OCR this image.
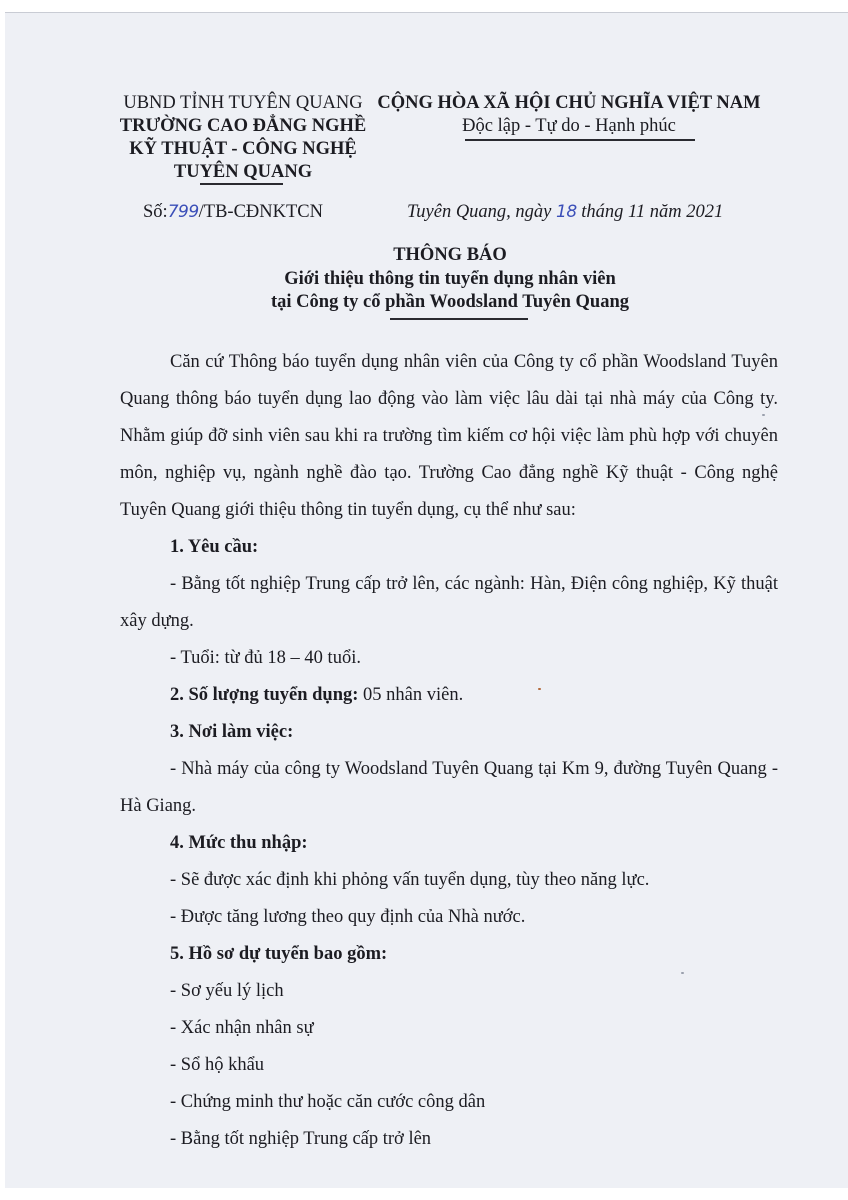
UBND TỈNH TUYÊN QUANG
TRƯỜNG CAO ĐẲNG NGHỀ
KỸ THUẬT - CÔNG NGHỆ
TUYÊN QUANG
CỘNG HÒA XÃ HỘI CHỦ NGHĨA VIỆT NAM
Độc lập - Tự do - Hạnh phúc
Số:799/TB-CĐNKTCN	Tuyên Quang, ngày 18 tháng 11 năm 2021
THÔNG BÁO
Giới thiệu thông tin tuyển dụng nhân viên
tại Công ty cổ phần Woodsland Tuyên Quang

Căn cứ Thông báo tuyển dụng nhân viên của Công ty cổ phần Woodsland Tuyên Quang thông báo tuyển dụng lao động vào làm việc lâu dài tại nhà máy của Công ty. Nhằm giúp đỡ sinh viên sau khi ra trường tìm kiếm cơ hội việc làm phù hợp với chuyên môn, nghiệp vụ, ngành nghề đào tạo. Trường Cao đẳng nghề Kỹ thuật - Công nghệ Tuyên Quang giới thiệu thông tin tuyển dụng, cụ thể như sau:

1. Yêu cầu:

- Bằng tốt nghiệp Trung cấp trở lên, các ngành: Hàn, Điện công nghiệp, Kỹ thuật xây dựng.

- Tuổi: từ đủ 18 – 40 tuổi.

2. Số lượng tuyển dụng: 05 nhân viên.

3. Nơi làm việc:

- Nhà máy của công ty Woodsland Tuyên Quang tại Km 9, đường Tuyên Quang - Hà Giang.

4. Mức thu nhập:

- Sẽ được xác định khi phỏng vấn tuyển dụng, tùy theo năng lực.

- Được tăng lương theo quy định của Nhà nước.

5. Hồ sơ dự tuyển bao gồm:

- Sơ yếu lý lịch

- Xác nhận nhân sự

- Sổ hộ khẩu

- Chứng minh thư hoặc căn cước công dân

- Bằng tốt nghiệp Trung cấp trở lên
